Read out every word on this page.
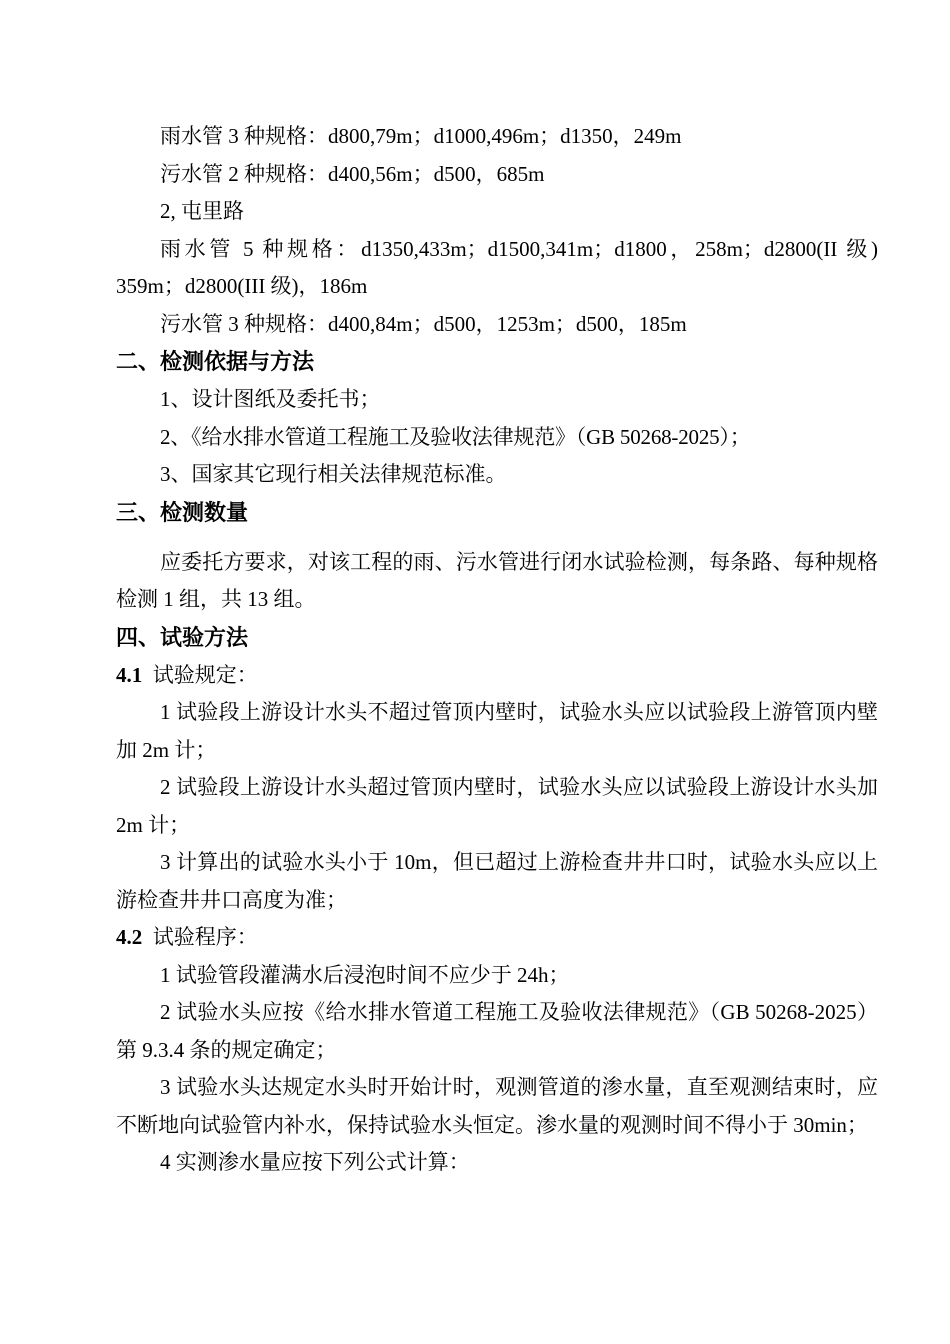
雨水管 3 种规格：d800,79m；d1000,496m；d1350，249m

污水管 2 种规格：d400,56m；d500，685m

2, 屯里路

雨水管 5 种规格：d1350,433m；d1500,341m；d1800，258m；d2800(II 级) 359m；d2800(III 级)，186m

污水管 3 种规格：d400,84m；d500，1253m；d500，185m

二、检测依据与方法

1、设计图纸及委托书；

2、《给水排水管道工程施工及验收法律规范》（GB 50268-2025）；

3、国家其它现行相关法律规范标准。

三、检测数量

应委托方要求，对该工程的雨、污水管进行闭水试验检测，每条路、每种规格检测 1 组，共 13 组。

四、试验方法

4.1 试验规定：

1 试验段上游设计水头不超过管顶内壁时，试验水头应以试验段上游管顶内壁加 2m 计；

2 试验段上游设计水头超过管顶内壁时，试验水头应以试验段上游设计水头加 2m 计；

3 计算出的试验水头小于 10m，但已超过上游检查井井口时，试验水头应以上游检查井井口高度为准；

4.2 试验程序：

1 试验管段灌满水后浸泡时间不应少于 24h；

2 试验水头应按《给水排水管道工程施工及验收法律规范》（GB 50268-2025）第 9.3.4 条的规定确定；

3 试验水头达规定水头时开始计时，观测管道的渗水量，直至观测结束时，应不断地向试验管内补水，保持试验水头恒定。渗水量的观测时间不得小于 30min；

4 实测渗水量应按下列公式计算：
